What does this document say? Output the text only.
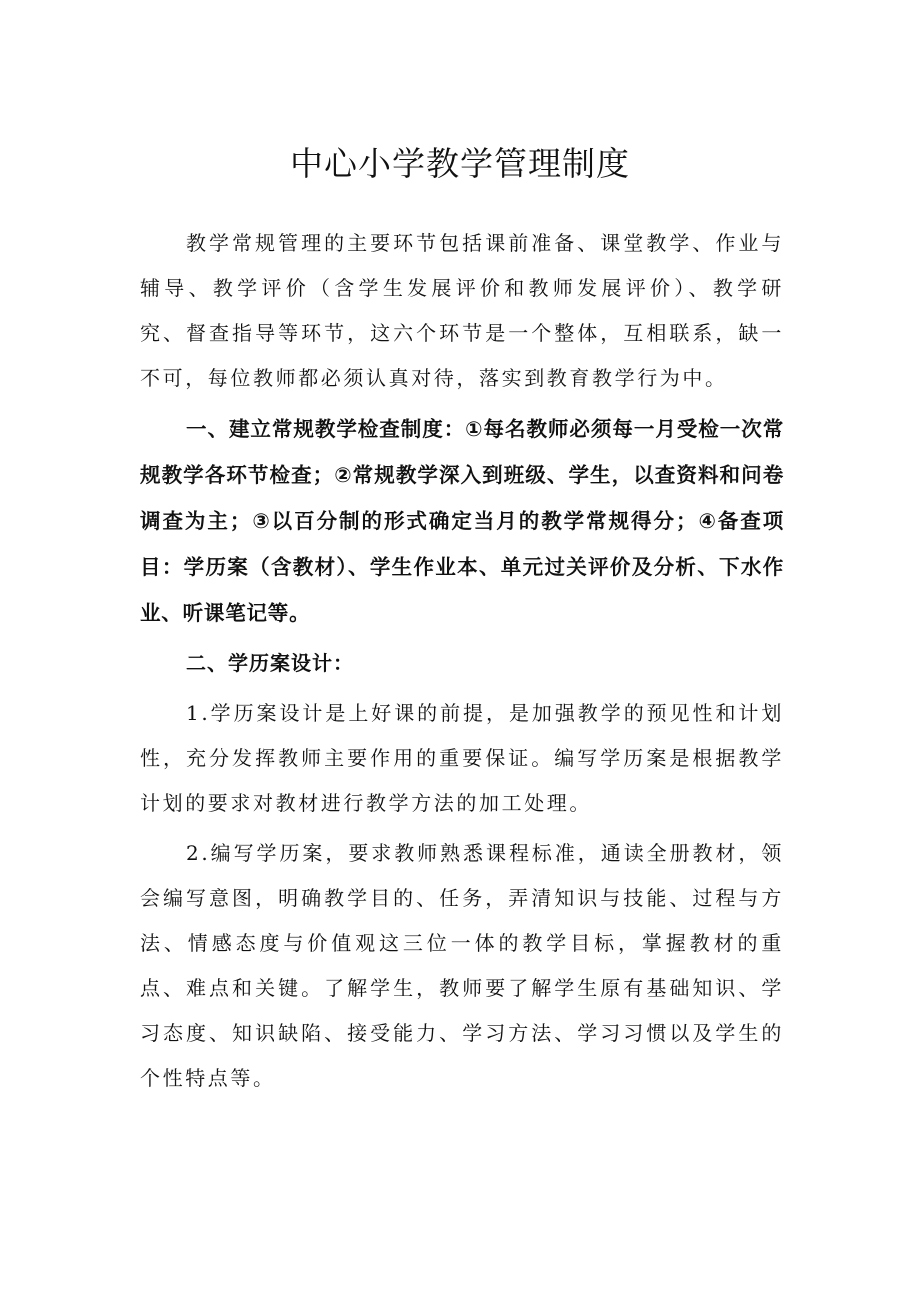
中心小学教学管理制度

教学常规管理的主要环节包括课前准备、课堂教学、作业与辅导、教学评价（含学生发展评价和教师发展评价）、教学研究、督查指导等环节，这六个环节是一个整体，互相联系，缺一不可，每位教师都必须认真对待，落实到教育教学行为中。

一、建立常规教学检查制度：①每名教师必须每一月受检一次常规教学各环节检查；②常规教学深入到班级、学生，以查资料和问卷调查为主；③以百分制的形式确定当月的教学常规得分；④备查项目：学历案（含教材）、学生作业本、单元过关评价及分析、下水作业、听课笔记等。

二、学历案设计：

1.学历案设计是上好课的前提，是加强教学的预见性和计划性，充分发挥教师主要作用的重要保证。编写学历案是根据教学计划的要求对教材进行教学方法的加工处理。

2.编写学历案，要求教师熟悉课程标准，通读全册教材，领会编写意图，明确教学目的、任务，弄清知识与技能、过程与方法、情感态度与价值观这三位一体的教学目标，掌握教材的重点、难点和关键。了解学生，教师要了解学生原有基础知识、学习态度、知识缺陷、接受能力、学习方法、学习习惯以及学生的个性特点等。
